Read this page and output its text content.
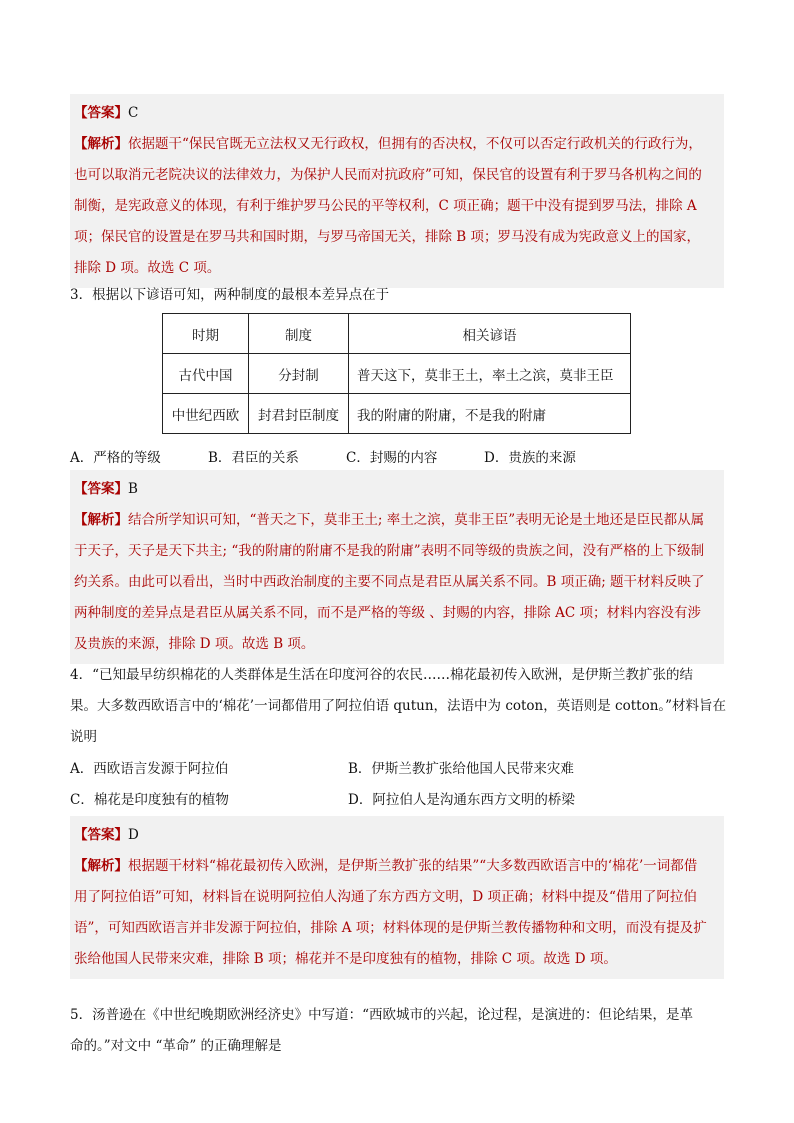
【答案】C
【解析】依据题干“保民官既无立法权又无行政权，但拥有的否决权，不仅可以否定行政机关的行政行为，
也可以取消元老院决议的法律效力，为保护人民而对抗政府”可知，保民官的设置有利于罗马各机构之间的
制衡，是宪政意义的体现，有利于维护罗马公民的平等权利，C 项正确；题干中没有提到罗马法，排除 A
项；保民官的设置是在罗马共和国时期，与罗马帝国无关，排除 B 项；罗马没有成为宪政意义上的国家，
排除 D 项。故选 C 项。

3．根据以下谚语可知，两种制度的最根本差异点在于

时期	制度	相关谚语
古代中国	分封制	普天这下，莫非王土，率土之滨，莫非王臣
中世纪西欧	封君封臣制度	我的附庸的附庸，不是我的附庸
A．严格的等级	B．君臣的关系	C．封赐的内容	D．贵族的来源
【答案】B
【解析】结合所学知识可知，“普天之下，莫非王土; 率土之滨，莫非王臣”表明无论是土地还是臣民都从属
于天子，天子是天下共主; “我的附庸的附庸不是我的附庸”表明不同等级的贵族之间，没有严格的上下级制
约关系。由此可以看出，当时中西政治制度的主要不同点是君臣从属关系不同。B 项正确; 题干材料反映了
两种制度的差异点是君臣从属关系不同，而不是严格的等级 、封赐的内容，排除 AC 项；材料内容没有涉
及贵族的来源，排除 D 项。故选 B 项。

4．“已知最早纺织棉花的人类群体是生活在印度河谷的农民……棉花最初传入欧洲，是伊斯兰教扩张的结

果。大多数西欧语言中的‘棉花’一词都借用了阿拉伯语 qutun，法语中为 coton，英语则是 cotton。”材料旨在

说明

A．西欧语言发源于阿拉伯	B．伊斯兰教扩张给他国人民带来灾难
C．棉花是印度独有的植物	D．阿拉伯人是沟通东西方文明的桥梁
【答案】D
【解析】根据题干材料“棉花最初传入欧洲，是伊斯兰教扩张的结果”“大多数西欧语言中的‘棉花’一词都借
用了阿拉伯语”可知，材料旨在说明阿拉伯人沟通了东方西方文明，D 项正确；材料中提及“借用了阿拉伯
语”，可知西欧语言并非发源于阿拉伯，排除 A 项；材料体现的是伊斯兰教传播物种和文明，而没有提及扩
张给他国人民带来灾难，排除 B 项；棉花并不是印度独有的植物，排除 C 项。故选 D 项。

5．汤普逊在《中世纪晚期欧洲经济史》中写道：“西欧城市的兴起，论过程，是演进的：但论结果，是革

命的。”对文中 “革命” 的正确理解是
